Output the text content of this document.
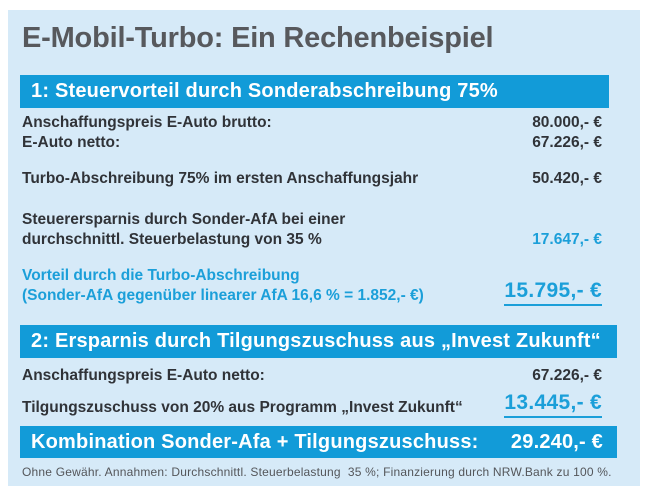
E-Mobil-Turbo: Ein Rechenbeispiel
1: Steuervorteil durch Sonderabschreibung 75%
Anschaffungspreis E-Auto brutto:	80.000,- €
E-Auto netto:	67.226,- €
Turbo-Abschreibung 75% im ersten Anschaffungsjahr	50.420,- €
Steuerersparnis durch Sonder-AfA bei einer
durchschnittl. Steuerbelastung von 35 %	17.647,- €
Vorteil durch die Turbo-Abschreibung
(Sonder-AfA gegenüber linearer AfA 16,6 % = 1.852,- €)	15.795,- €
2: Ersparnis durch Tilgungszuschuss aus „Invest Zukunft“
Anschaffungspreis E-Auto netto:	67.226,- €
Tilgungszuschuss von 20% aus Programm „Invest Zukunft“ 13.445,- €
Kombination Sonder-Afa + Tilgungszuschuss: 29.240,- €
Ohne Gewähr. Annahmen: Durchschnittl. Steuerbelastung  35 %; Finanzierung durch NRW.Bank zu 100 %.
